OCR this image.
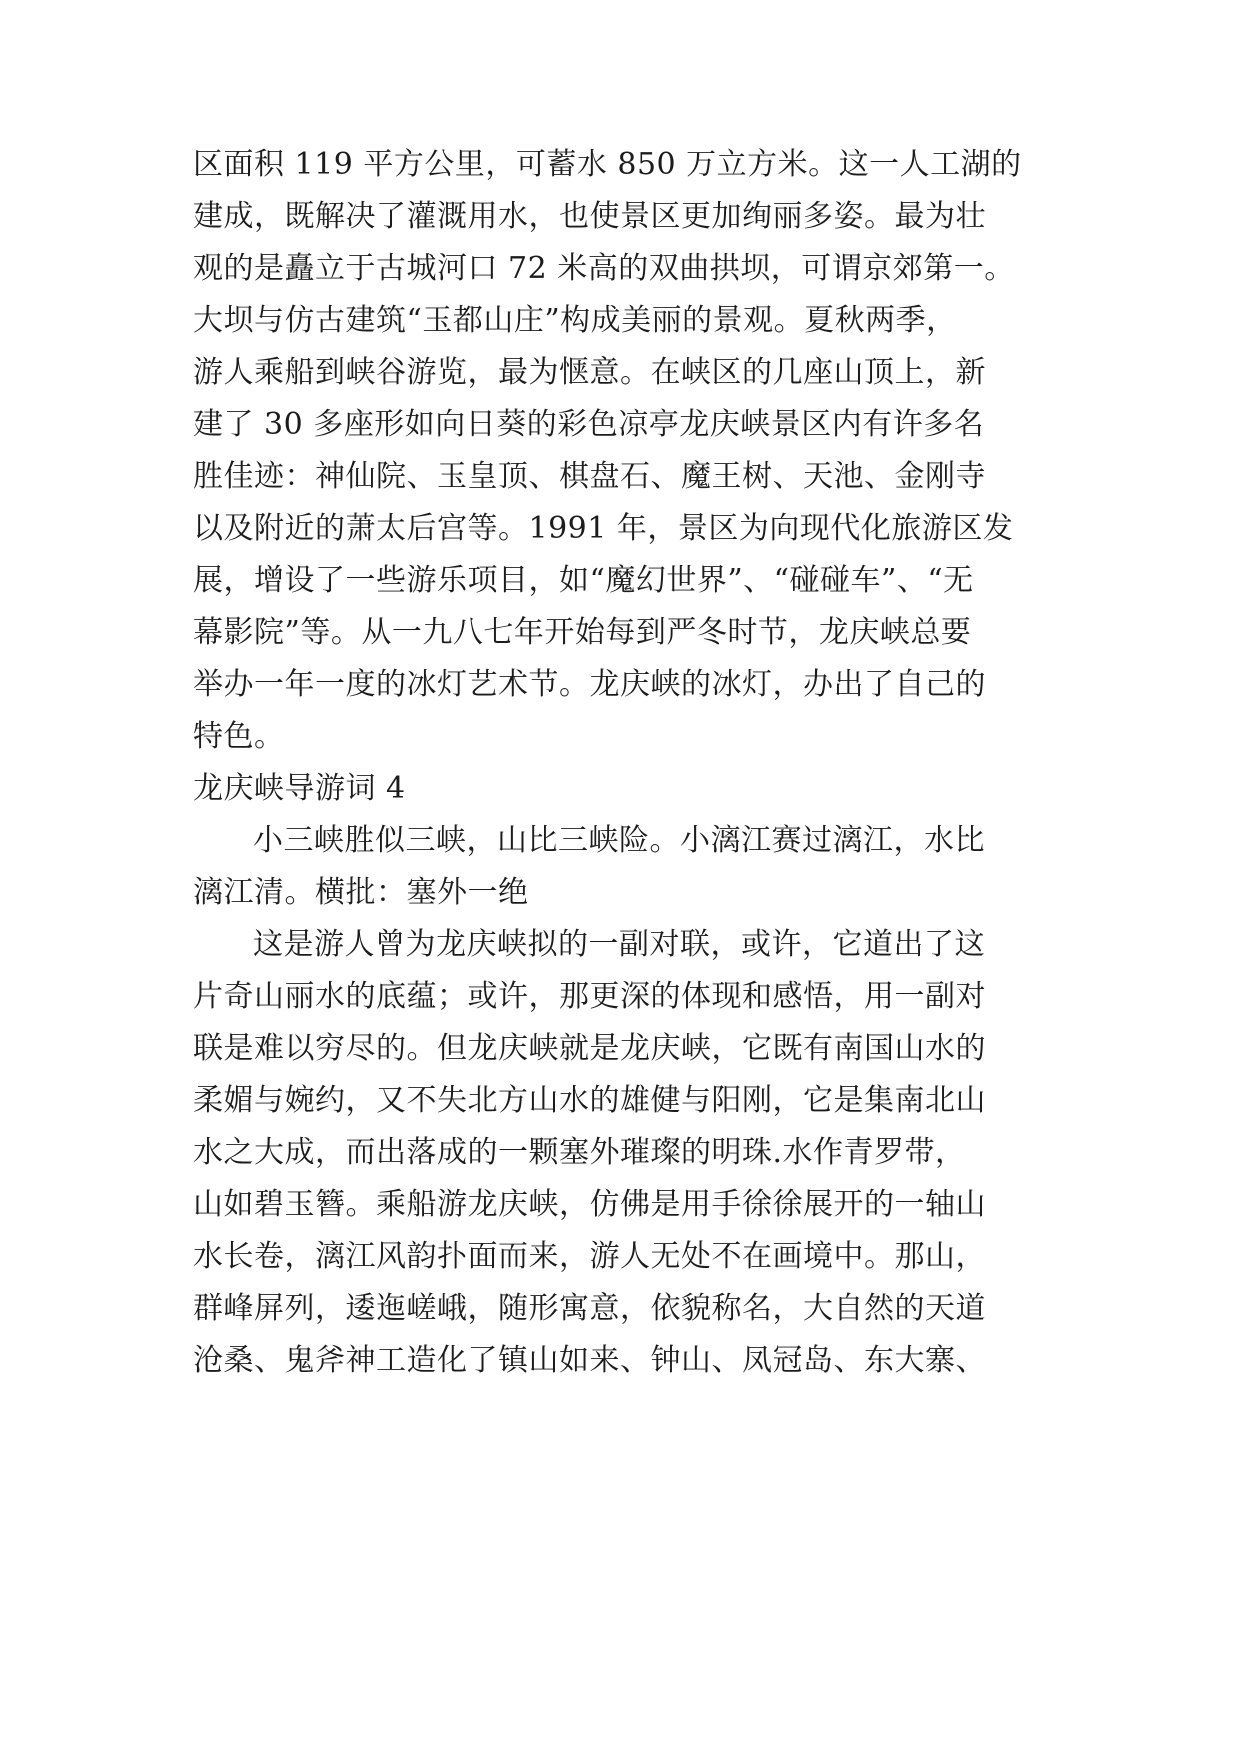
区面积 119 平方公里，可蓄水 850 万立方米。这一人工湖的
建成，既解决了灌溉用水，也使景区更加绚丽多姿。最为壮
观的是矗立于古城河口 72 米高的双曲拱坝，可谓京郊第一。
大坝与仿古建筑“玉都山庄”构成美丽的景观。夏秋两季，
游人乘船到峡谷游览，最为惬意。在峡区的几座山顶上，新
建了 30 多座形如向日葵的彩色凉亭龙庆峡景区内有许多名
胜佳迹：神仙院、玉皇顶、棋盘石、魔王树、天池、金刚寺
以及附近的萧太后宫等。1991 年，景区为向现代化旅游区发
展，增设了一些游乐项目，如“魔幻世界”、“碰碰车”、“无
幕影院”等。从一九八七年开始每到严冬时节，龙庆峡总要
举办一年一度的冰灯艺术节。龙庆峡的冰灯，办出了自己的
特色。
龙庆峡导游词 4
小三峡胜似三峡，山比三峡险。小漓江赛过漓江，水比
漓江清。横批：塞外一绝
这是游人曾为龙庆峡拟的一副对联，或许，它道出了这
片奇山丽水的底蕴；或许，那更深的体现和感悟，用一副对
联是难以穷尽的。但龙庆峡就是龙庆峡，它既有南国山水的
柔媚与婉约，又不失北方山水的雄健与阳刚，它是集南北山
水之大成，而出落成的一颗塞外璀璨的明珠.水作青罗带，
山如碧玉簪。乘船游龙庆峡，仿佛是用手徐徐展开的一轴山
水长卷，漓江风韵扑面而来，游人无处不在画境中。那山，
群峰屏列，逶迤嵯峨，随形寓意，依貌称名，大自然的天道
沧桑、鬼斧神工造化了镇山如来、钟山、凤冠岛、东大寨、
